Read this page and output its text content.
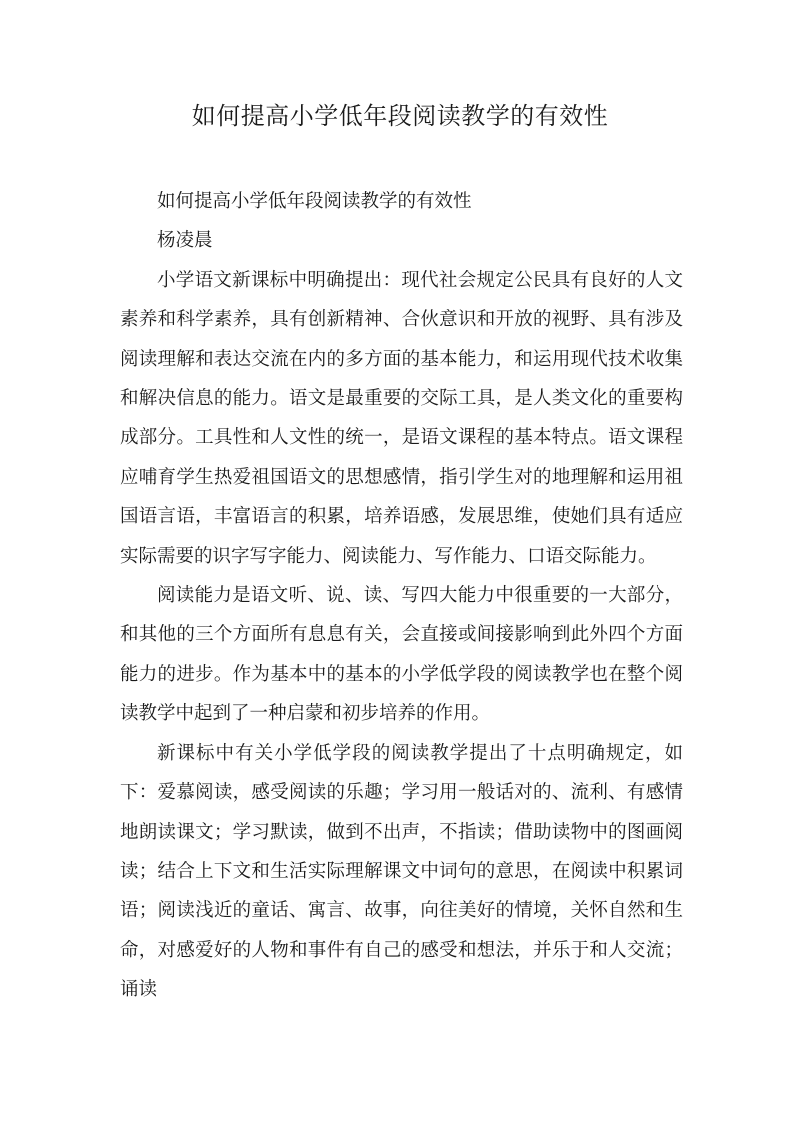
如何提高小学低年段阅读教学的有效性

如何提高小学低年段阅读教学的有效性

杨凌晨

小学语文新课标中明确提出：现代社会规定公民具有良好的人文素养和科学素养，具有创新精神、合伙意识和开放的视野、具有涉及阅读理解和表达交流在内的多方面的基本能力，和运用现代技术收集和解决信息的能力。语文是最重要的交际工具，是人类文化的重要构成部分。工具性和人文性的统一，是语文课程的基本特点。语文课程应哺育学生热爱祖国语文的思想感情，指引学生对的地理解和运用祖国语言语，丰富语言的积累，培养语感，发展思维，使她们具有适应实际需要的识字写字能力、阅读能力、写作能力、口语交际能力。

阅读能力是语文听、说、读、写四大能力中很重要的一大部分，和其他的三个方面所有息息有关，会直接或间接影响到此外四个方面能力的进步。作为基本中的基本的小学低学段的阅读教学也在整个阅读教学中起到了一种启蒙和初步培养的作用。

新课标中有关小学低学段的阅读教学提出了十点明确规定，如下：爱慕阅读，感受阅读的乐趣；学习用一般话对的、流利、有感情地朗读课文；学习默读，做到不出声，不指读；借助读物中的图画阅读；结合上下文和生活实际理解课文中词句的意思，在阅读中积累词语；阅读浅近的童话、寓言、故事，向往美好的情境，关怀自然和生命，对感爱好的人物和事件有自己的感受和想法，并乐于和人交流；诵读
